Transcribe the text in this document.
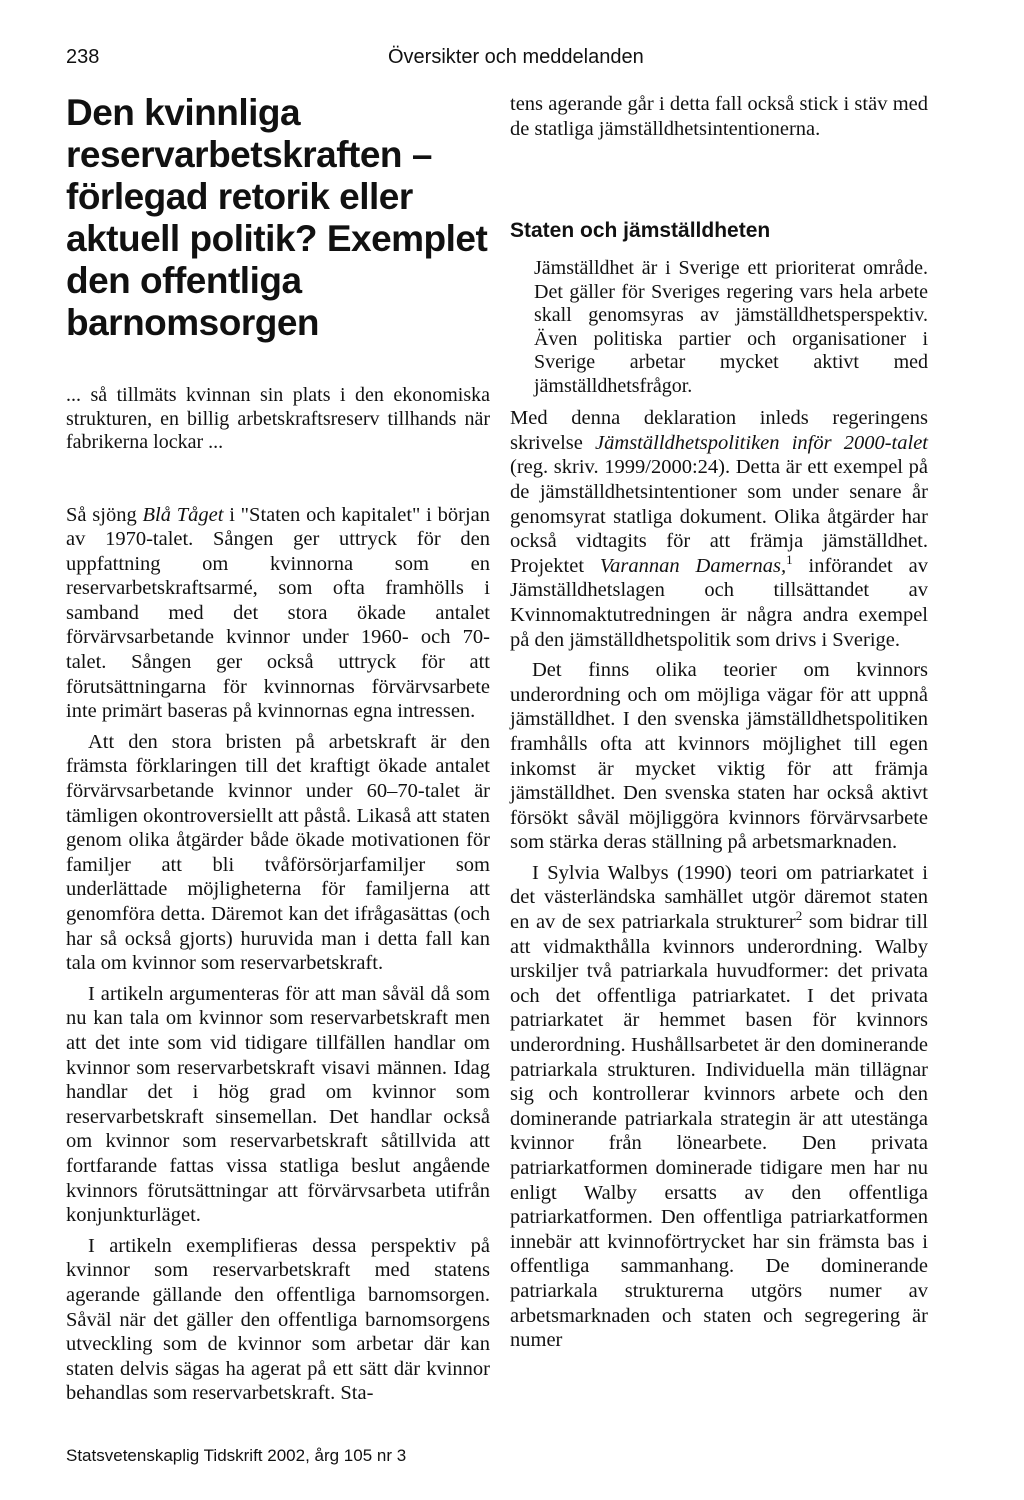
238	Översikter och meddelanden
Den kvinnliga reservarbetskraften – förlegad retorik eller aktuell politik? Exemplet den offentliga barnomsorgen
... så tillmäts kvinnan sin plats i den ekonomiska strukturen, en billig arbetskraftsreserv tillhands när fabrikerna lockar ...

Så sjöng Blå Tåget i "Staten och kapitalet" i början av 1970-talet. Sången ger uttryck för den uppfattning om kvinnorna som en reservarbetskraftsarmé, som ofta framhölls i samband med det stora ökade antalet förvärvsarbetande kvinnor under 1960- och 70-talet. Sången ger också uttryck för att förutsättningarna för kvinnornas förvärvsarbete inte primärt baseras på kvinnornas egna intressen.

Att den stora bristen på arbetskraft är den främsta förklaringen till det kraftigt ökade antalet förvärvsarbetande kvinnor under 60–70-talet är tämligen okontroversiellt att påstå. Likaså att staten genom olika åtgärder både ökade motivationen för familjer att bli tvåförsörjarfamiljer som underlättade möjligheterna för familjerna att genomföra detta. Däremot kan det ifrågasättas (och har så också gjorts) huruvida man i detta fall kan tala om kvinnor som reservarbetskraft.

I artikeln argumenteras för att man såväl då som nu kan tala om kvinnor som reservarbetskraft men att det inte som vid tidigare tillfällen handlar om kvinnor som reservarbetskraft visavi männen. Idag handlar det i hög grad om kvinnor som reservarbetskraft sinsemellan. Det handlar också om kvinnor som reservarbetskraft såtillvida att fortfarande fattas vissa statliga beslut angående kvinnors förutsättningar att förvärvsarbeta utifrån konjunkturläget.

I artikeln exemplifieras dessa perspektiv på kvinnor som reservarbetskraft med statens agerande gällande den offentliga barnomsorgen. Såväl när det gäller den offentliga barnomsorgens utveckling som de kvinnor som arbetar där kan staten delvis sägas ha agerat på ett sätt där kvinnor behandlas som reservarbetskraft. Sta-

tens agerande går i detta fall också stick i stäv med de statliga jämställdhetsintentionerna.

Staten och jämställdheten
Jämställdhet är i Sverige ett prioriterat område. Det gäller för Sveriges regering vars hela arbete skall genomsyras av jämställdhetsperspektiv. Även politiska partier och organisationer i Sverige arbetar mycket aktivt med jämställdhetsfrågor.

Med denna deklaration inleds regeringens skrivelse Jämställdhetspolitiken inför 2000-talet (reg. skriv. 1999/2000:24). Detta är ett exempel på de jämställdhetsintentioner som under senare år genomsyrat statliga dokument. Olika åtgärder har också vidtagits för att främja jämställdhet. Projektet Varannan Damernas,$^1$ införandet av Jämställdhetslagen och tillsättandet av Kvinnomaktutredningen är några andra exempel på den jämställdhetspolitik som drivs i Sverige.

Det finns olika teorier om kvinnors underordning och om möjliga vägar för att uppnå jämställdhet. I den svenska jämställdhetspolitiken framhålls ofta att kvinnors möjlighet till egen inkomst är mycket viktig för att främja jämställdhet. Den svenska staten har också aktivt försökt såväl möjliggöra kvinnors förvärvsarbete som stärka deras ställning på arbetsmarknaden.

I Sylvia Walbys (1990) teori om patriarkatet i det västerländska samhället utgör däremot staten en av de sex patriarkala strukturer$^2$ som bidrar till att vidmakthålla kvinnors underordning. Walby urskiljer två patriarkala huvudformer: det privata och det offentliga patriarkatet. I det privata patriarkatet är hemmet basen för kvinnors underordning. Hushållsarbetet är den dominerande patriarkala strukturen. Individuella män tillägnar sig och kontrollerar kvinnors arbete och den dominerande patriarkala strategin är att utestänga kvinnor från lönearbete. Den privata patriarkatformen dominerade tidigare men har nu enligt Walby ersatts av den offentliga patriarkatformen. Den offentliga patriarkatformen innebär att kvinnoförtrycket har sin främsta bas i offentliga sammanhang. De dominerande patriarkala strukturerna utgörs numer av arbetsmarknaden och staten och segregering är numer

Statsvetenskaplig Tidskrift 2002, årg 105 nr 3
